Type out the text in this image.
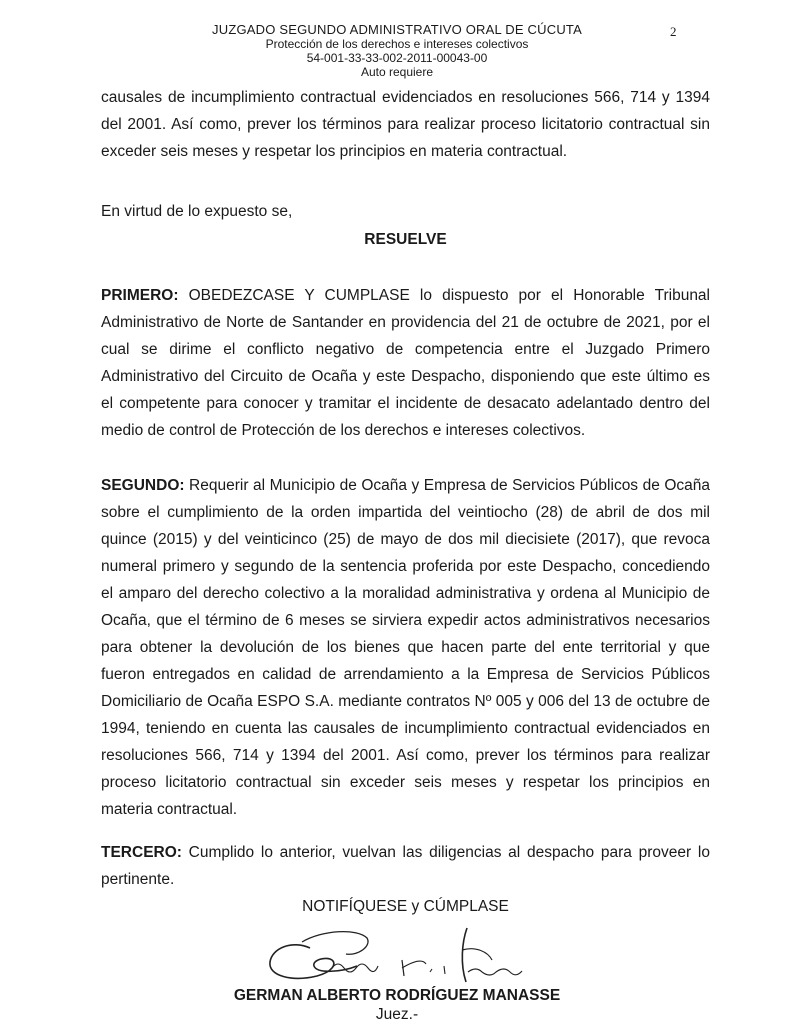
JUZGADO SEGUNDO ADMINISTRATIVO ORAL DE CÚCUTA
Protección de los derechos e intereses colectivos
54-001-33-33-002-2011-00043-00
Auto requiere
2

causales de incumplimiento contractual evidenciados en resoluciones 566, 714 y 1394 del 2001. Así como, prever los términos para realizar proceso licitatorio contractual sin exceder seis meses y respetar los principios en materia contractual.

En virtud de lo expuesto se,

RESUELVE

PRIMERO: OBEDEZCASE Y CUMPLASE lo dispuesto por el Honorable Tribunal Administrativo de Norte de Santander en providencia del 21 de octubre de 2021, por el cual se dirime el conflicto negativo de competencia entre el Juzgado Primero Administrativo del Circuito de Ocaña y este Despacho, disponiendo que este último es el competente para conocer y tramitar el incidente de desacato adelantado dentro del medio de control de Protección de los derechos e intereses colectivos.

SEGUNDO: Requerir al Municipio de Ocaña y Empresa de Servicios Públicos de Ocaña sobre el cumplimiento de la orden impartida del veintiocho (28) de abril de dos mil quince (2015) y del veinticinco (25) de mayo de dos mil diecisiete (2017), que revoca numeral primero y segundo de la sentencia proferida por este Despacho, concediendo el amparo del derecho colectivo a la moralidad administrativa y ordena al Municipio de Ocaña, que el término de 6 meses se sirviera expedir actos administrativos necesarios para obtener la devolución de los bienes que hacen parte del ente territorial y que fueron entregados en calidad de arrendamiento a la Empresa de Servicios Públicos Domiciliario de Ocaña ESPO S.A. mediante contratos Nº 005 y 006 del 13 de octubre de 1994, teniendo en cuenta las causales de incumplimiento contractual evidenciados en resoluciones 566, 714 y 1394 del 2001. Así como, prever los términos para realizar proceso licitatorio contractual sin exceder seis meses y respetar los principios en materia contractual.

TERCERO: Cumplido lo anterior, vuelvan las diligencias al despacho para proveer lo pertinente.

NOTIFÍQUESE y CÚMPLASE

GERMAN ALBERTO RODRÍGUEZ MANASSE
Juez.-
